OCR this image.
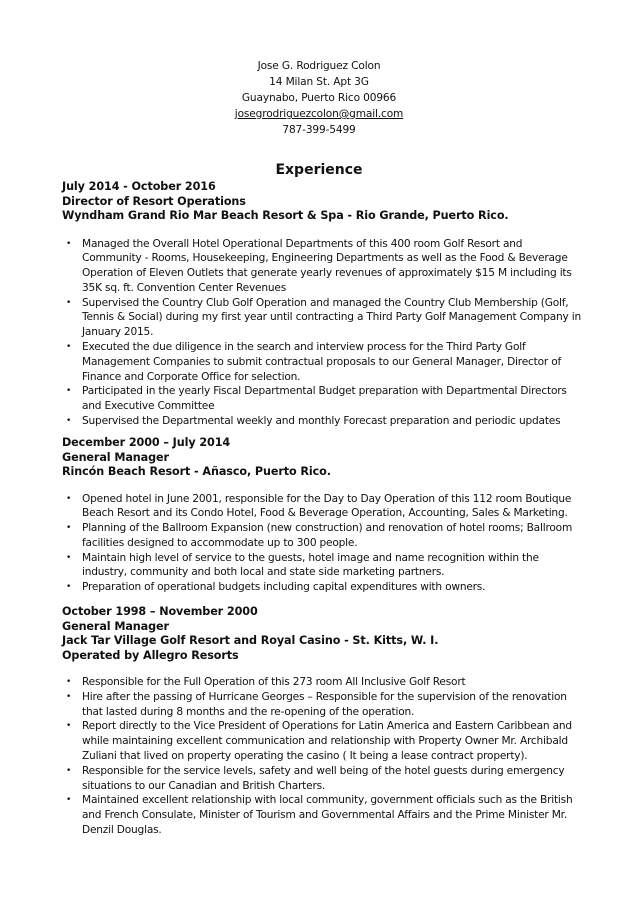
Jose G. Rodriguez Colon
14 Milan St. Apt 3G
Guaynabo, Puerto Rico 00966
josegrodriguezcolon@gmail.com
787-399-5499
Experience
July 2014 - October 2016
Director of Resort Operations
Wyndham Grand Rio Mar Beach Resort & Spa - Rio Grande, Puerto Rico.
• Managed the Overall Hotel Operational Departments of this 400 room Golf Resort and Community - Rooms, Housekeeping, Engineering Departments as well as the Food & Beverage Operation of Eleven Outlets that generate yearly revenues of approximately $15 M including its 35K sq. ft. Convention Center Revenues
• Supervised the Country Club Golf Operation and managed the Country Club Membership (Golf, Tennis & Social) during my first year until contracting a Third Party Golf Management Company in January 2015.
• Executed the due diligence in the search and interview process for the Third Party Golf Management Companies to submit contractual proposals to our General Manager, Director of Finance and Corporate Office for selection.
• Participated in the yearly Fiscal Departmental Budget preparation with Departmental Directors and Executive Committee
• Supervised the Departmental weekly and monthly Forecast preparation and periodic updates
December 2000 – July 2014
General Manager
Rincón Beach Resort - Añasco, Puerto Rico.
• Opened hotel in June 2001, responsible for the Day to Day Operation of this 112 room Boutique Beach Resort and its Condo Hotel, Food & Beverage Operation, Accounting, Sales & Marketing.
• Planning of the Ballroom Expansion (new construction) and renovation of hotel rooms; Ballroom facilities designed to accommodate up to 300 people.
• Maintain high level of service to the guests, hotel image and name recognition within the industry, community and both local and state side marketing partners.
• Preparation of operational budgets including capital expenditures with owners.
October 1998 – November 2000
General Manager
Jack Tar Village Golf Resort and Royal Casino - St. Kitts, W. I.
Operated by Allegro Resorts
• Responsible for the Full Operation of this 273 room All Inclusive Golf Resort
• Hire after the passing of Hurricane Georges – Responsible for the supervision of the renovation that lasted during 8 months and the re-opening of the operation.
• Report directly to the Vice President of Operations for Latin America and Eastern Caribbean and while maintaining excellent communication and relationship with Property Owner Mr. Archibald Zuliani that lived on property operating the casino ( It being a lease contract property).
• Responsible for the service levels, safety and well being of the hotel guests during emergency situations to our Canadian and British Charters.
• Maintained excellent relationship with local community, government officials such as the British and French Consulate, Minister of Tourism and Governmental Affairs and the Prime Minister Mr. Denzil Douglas.
